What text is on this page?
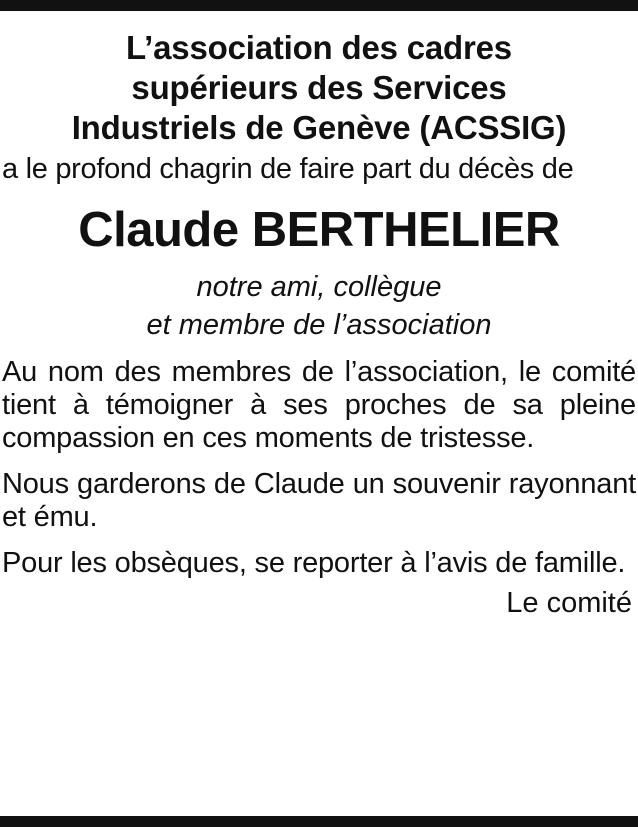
L’association des cadres
supérieurs des Services
Industriels de Genève (ACSSIG)

a le profond chagrin de faire part du décès de

Claude BERTHELIER
notre ami, collègue
et membre de l’association

Au nom des membres de l’association, le comité tient à témoigner à ses proches de sa pleine compassion en ces moments de tristesse.

Nous garderons de Claude un souvenir rayonnant et ému.

Pour les obsèques, se reporter à l’avis de famille.

Le comité
